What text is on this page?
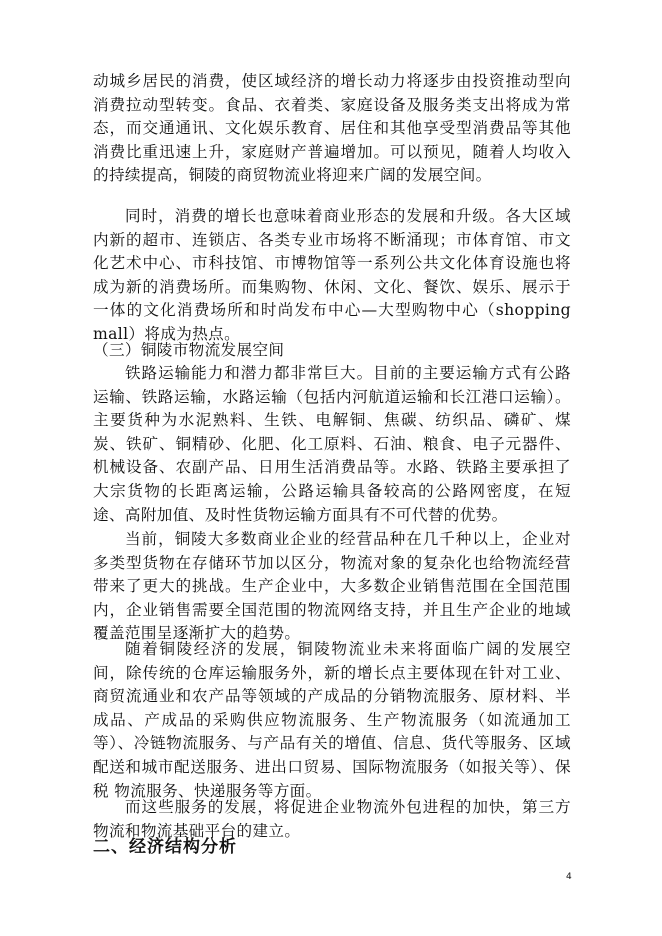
动城乡居民的消费，使区域经济的增长动力将逐步由投资推动型向消费拉动型转变。食品、衣着类、家庭设备及服务类支出将成为常态，而交通通讯、文化娱乐教育、居住和其他享受型消费品等其他消费比重迅速上升，家庭财产普遍增加。可以预见，随着人均收入的持续提高，铜陵的商贸物流业将迎来广阔的发展空间。
同时，消费的增长也意味着商业形态的发展和升级。各大区域内新的超市、连锁店、各类专业市场将不断涌现；市体育馆、市文化艺术中心、市科技馆、市博物馆等一系列公共文化体育设施也将成为新的消费场所。而集购物、休闲、文化、餐饮、娱乐、展示于一体的文化消费场所和时尚发布中心—大型购物中心（shopping mall）将成为热点。
（三）铜陵市物流发展空间
铁路运输能力和潜力都非常巨大。目前的主要运输方式有公路运输、铁路运输，水路运输（包括内河航道运输和长江港口运输）。主要货种为水泥熟料、生铁、电解铜、焦碳、纺织品、磷矿、煤炭、铁矿、铜精砂、化肥、化工原料、石油、粮食、电子元器件、机械设备、农副产品、日用生活消费品等。水路、铁路主要承担了大宗货物的长距离运输，公路运输具备较高的公路网密度，在短途、高附加值、及时性货物运输方面具有不可代替的优势。
当前，铜陵大多数商业企业的经营品种在几千种以上，企业对多类型货物在存储环节加以区分，物流对象的复杂化也给物流经营带来了更大的挑战。生产企业中，大多数企业销售范围在全国范围内，企业销售需要全国范围的物流网络支持，并且生产企业的地域覆盖范围呈逐渐扩大的趋势。
随着铜陵经济的发展，铜陵物流业未来将面临广阔的发展空间，除传统的仓库运输服务外，新的增长点主要体现在针对工业、商贸流通业和农产品等领域的产成品的分销物流服务、原材料、半成品、产成品的采购供应物流服务、生产物流服务（如流通加工等）、冷链物流服务、与产品有关的增值、信息、货代等服务、区域配送和城市配送服务、进出口贸易、国际物流服务（如报关等）、保税 物流服务、快递服务等方面。
而这些服务的发展，将促进企业物流外包进程的加快，第三方物流和物流基础平台的建立。
二、经济结构分析
4
